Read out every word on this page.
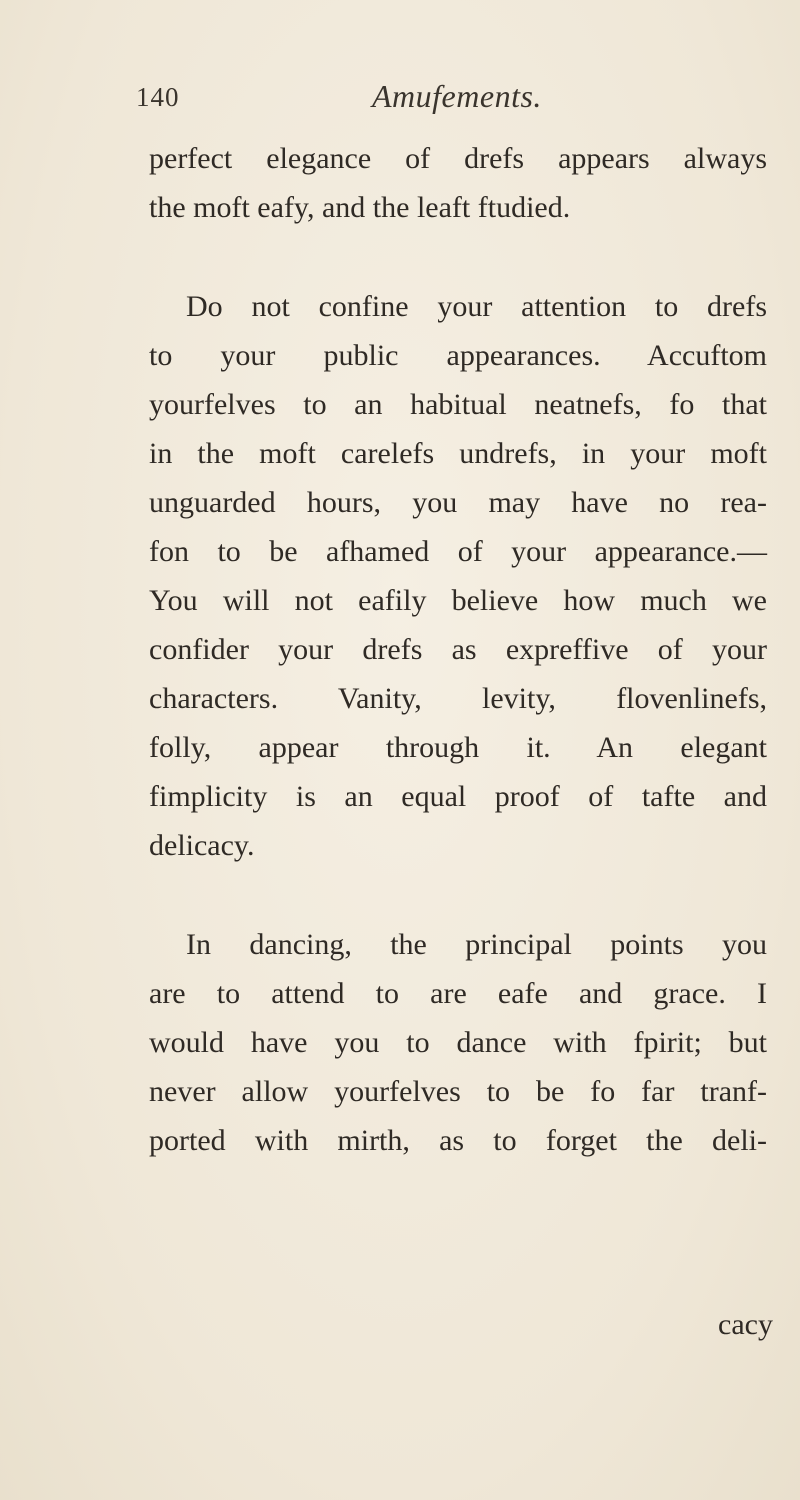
140	Amufements.
perfect elegance of drefs appears always
the moft eafy, and the leaft ftudied.
Do not confine your attention to drefs
to your public appearances. Accuftom
yourfelves to an habitual neatnefs, fo that
in the moft carelefs undrefs, in your moft
unguarded hours, you may have no rea-
fon to be afhamed of your appearance.—
You will not eafily believe how much we
confider your drefs as expreffive of your
characters. Vanity, levity, flovenlinefs,
folly, appear through it. An elegant
fimplicity is an equal proof of tafte and
delicacy.
In dancing, the principal points you
are to attend to are eafe and grace. I
would have you to dance with fpirit; but
never allow yourfelves to be fo far tranf-
ported with mirth, as to forget the deli-
cacy
